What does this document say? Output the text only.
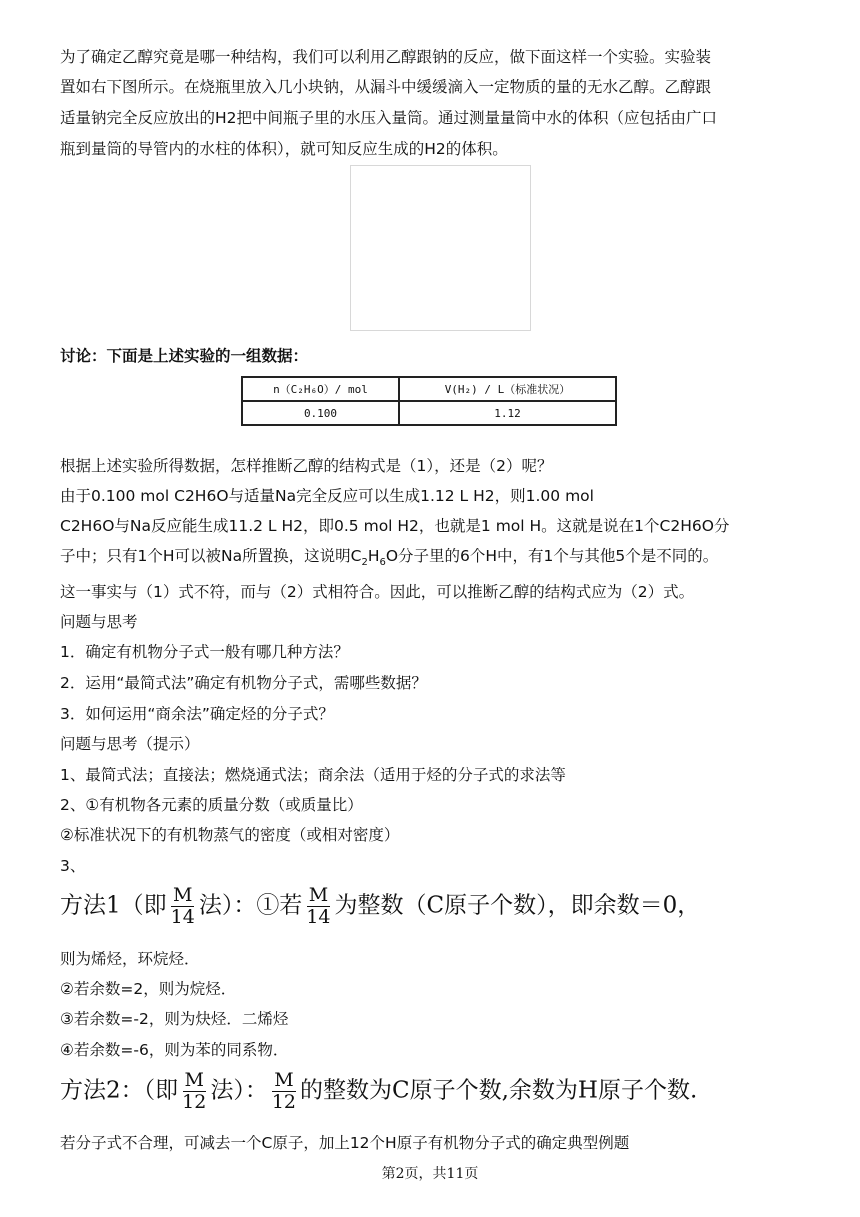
为了确定乙醇究竟是哪一种结构，我们可以利用乙醇跟钠的反应，做下面这样一个实验。实验装
置如右下图所示。在烧瓶里放入几小块钠，从漏斗中缓缓滴入一定物质的量的无水乙醇。乙醇跟
适量钠完全反应放出的H2把中间瓶子里的水压入量筒。通过测量量筒中水的体积（应包括由广口
瓶到量筒的导管内的水柱的体积），就可知反应生成的H2的体积。
讨论：下面是上述实验的一组数据：
n（C₂H₆O）/ mol	V(H₂) / L（标准状况）
0.100	1.12
根据上述实验所得数据，怎样推断乙醇的结构式是（1），还是（2）呢？
由于0.100 mol C2H6O与适量Na完全反应可以生成1.12 L H2，则1.00 mol
C2H6O与Na反应能生成11.2 L H2，即0.5 mol H2，也就是1 mol H。这就是说在1个C2H6O分
子中；只有1个H可以被Na所置换，这说明$C_2H_6O$分子里的6个H中，有1个与其他5个是不同的。
这一事实与（1）式不符，而与（2）式相符合。因此，可以推断乙醇的结构式应为（2）式。
问题与思考
1．确定有机物分子式一般有哪几种方法？
2．运用“最简式法”确定有机物分子式，需哪些数据？
3．如何运用“商余法”确定烃的分子式？
问题与思考（提示）
1、最简式法；直接法；燃烧通式法；商余法（适用于烃的分子式的求法等
2、①有机物各元素的质量分数（或质量比）
②标准状况下的有机物蒸气的密度（或相对密度）
3、
方法1（即 $\frac{M}{14}$ 法）：①若 $\frac{M}{14}$ 为整数（C原子个数），即余数＝0，
则为烯烃，环烷烃．
②若余数=2，则为烷烃．
③若余数=-2，则为炔烃．二烯烃
④若余数=-6，则为苯的同系物．
方法2：（即 $\frac{M}{12}$ 法）： $\frac{M}{12}$ 的整数为C原子个数,余数为H原子个数.
若分子式不合理，可减去一个C原子，加上12个H原子有机物分子式的确定典型例题
第2页，共11页
